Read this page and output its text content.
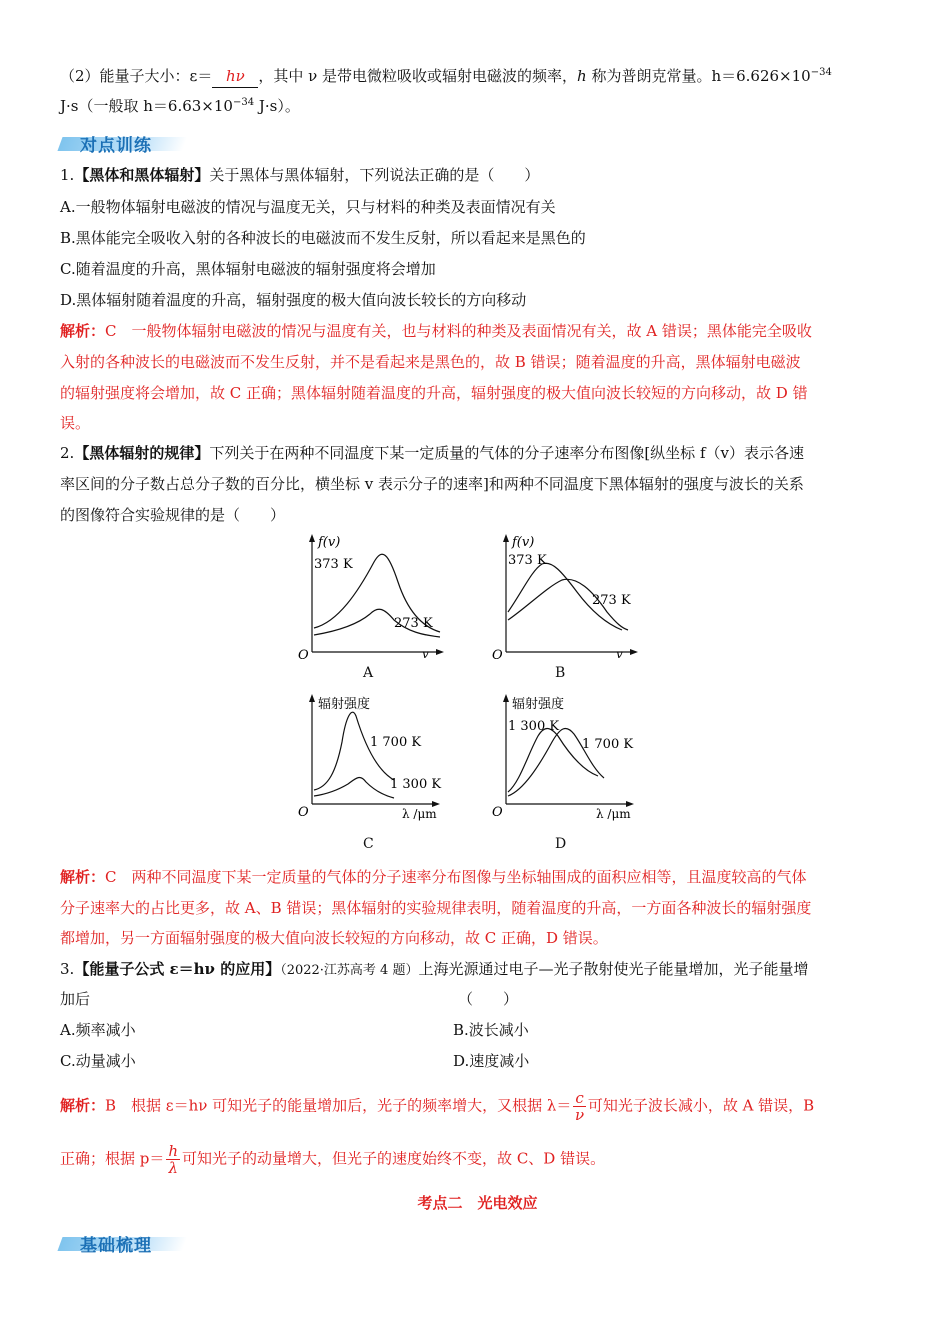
（2）能量子大小：ε＝ hν ，其中 ν 是带电微粒吸收或辐射电磁波的频率，h 称为普朗克常量。$h=6.626\times 10^{-34}$
J·s（一般取 $h=6.63\times 10^{-34}$ J·s）。
对点训练
1.【黑体和黑体辐射】关于黑体与黑体辐射，下列说法正确的是（　　）
A.一般物体辐射电磁波的情况与温度无关，只与材料的种类及表面情况有关
B.黑体能完全吸收入射的各种波长的电磁波而不发生反射，所以看起来是黑色的
C.随着温度的升高，黑体辐射电磁波的辐射强度将会增加
D.黑体辐射随着温度的升高，辐射强度的极大值向波长较长的方向移动
解析：C　一般物体辐射电磁波的情况与温度有关，也与材料的种类及表面情况有关，故 A 错误；黑体能完全吸收
入射的各种波长的电磁波而不发生反射，并不是看起来是黑色的，故 B 错误；随着温度的升高，黑体辐射电磁波
的辐射强度将会增加，故 C 正确；黑体辐射随着温度的升高，辐射强度的极大值向波长较短的方向移动，故 D 错
误。
2.【黑体辐射的规律】下列关于在两种不同温度下某一定质量的气体的分子速率分布图像[纵坐标 f（v）表示各速
率区间的分子数占总分子数的百分比，横坐标 v 表示分子的速率]和两种不同温度下黑体辐射的强度与波长的关系
的图像符合实验规律的是（　　）
f(v)
373 K
273 K
O	v
A
f(v)
373 K
273 K
O	v
B
辐射强度
1 700 K
1 300 K
O	λ /μm
C
辐射强度
1 300 K
1 700 K
O	λ /μm
D
解析：C　两种不同温度下某一定质量的气体的分子速率分布图像与坐标轴围成的面积应相等，且温度较高的气体
分子速率大的占比更多，故 A、B 错误；黑体辐射的实验规律表明，随着温度的升高，一方面各种波长的辐射强度
都增加，另一方面辐射强度的极大值向波长较短的方向移动，故 C 正确，D 错误。
3.【能量子公式 ε＝hν 的应用】（2022·江苏高考 4 题）上海光源通过电子—光子散射使光子能量增加，光子能量增
加后	（　　）
A.频率减小	B.波长减小
C.动量减小	D.速度减小
解析：B　根据 ε＝hν 可知光子的能量增加后，光子的频率增大，又根据 $\lambda= \frac{c}{\nu}$ 可知光子波长减小，故 A 错误，B
正确；根据 $p= \frac{h}{\lambda}$ 可知光子的动量增大，但光子的速度始终不变，故 C、D 错误。
考点二　光电效应
基础梳理
